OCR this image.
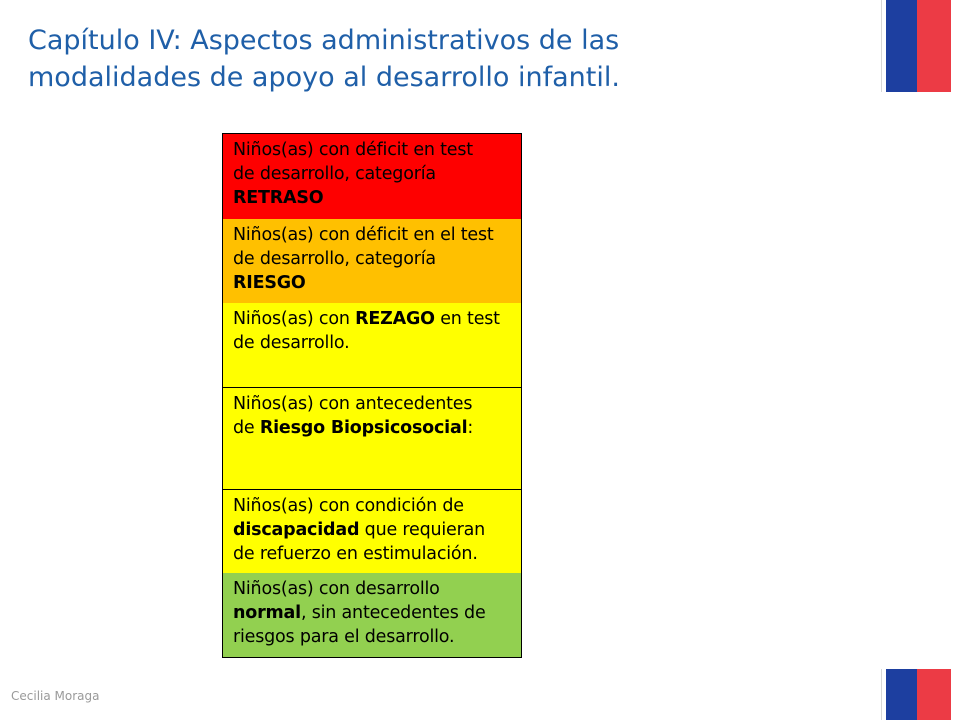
Capítulo IV: Aspectos administrativos de las
modalidades de apoyo al desarrollo infantil.
Niños(as) con déficit en test
de desarrollo, categoría
RETRASO
Niños(as) con déficit en el test
de desarrollo, categoría
RIESGO
Niños(as) con REZAGO en test
de desarrollo.
Niños(as) con antecedentes
de Riesgo Biopsicosocial:
Niños(as) con condición de
discapacidad que requieran
de refuerzo en estimulación.
Niños(as) con desarrollo
normal, sin antecedentes de
riesgos para el desarrollo.
Cecilia Moraga
